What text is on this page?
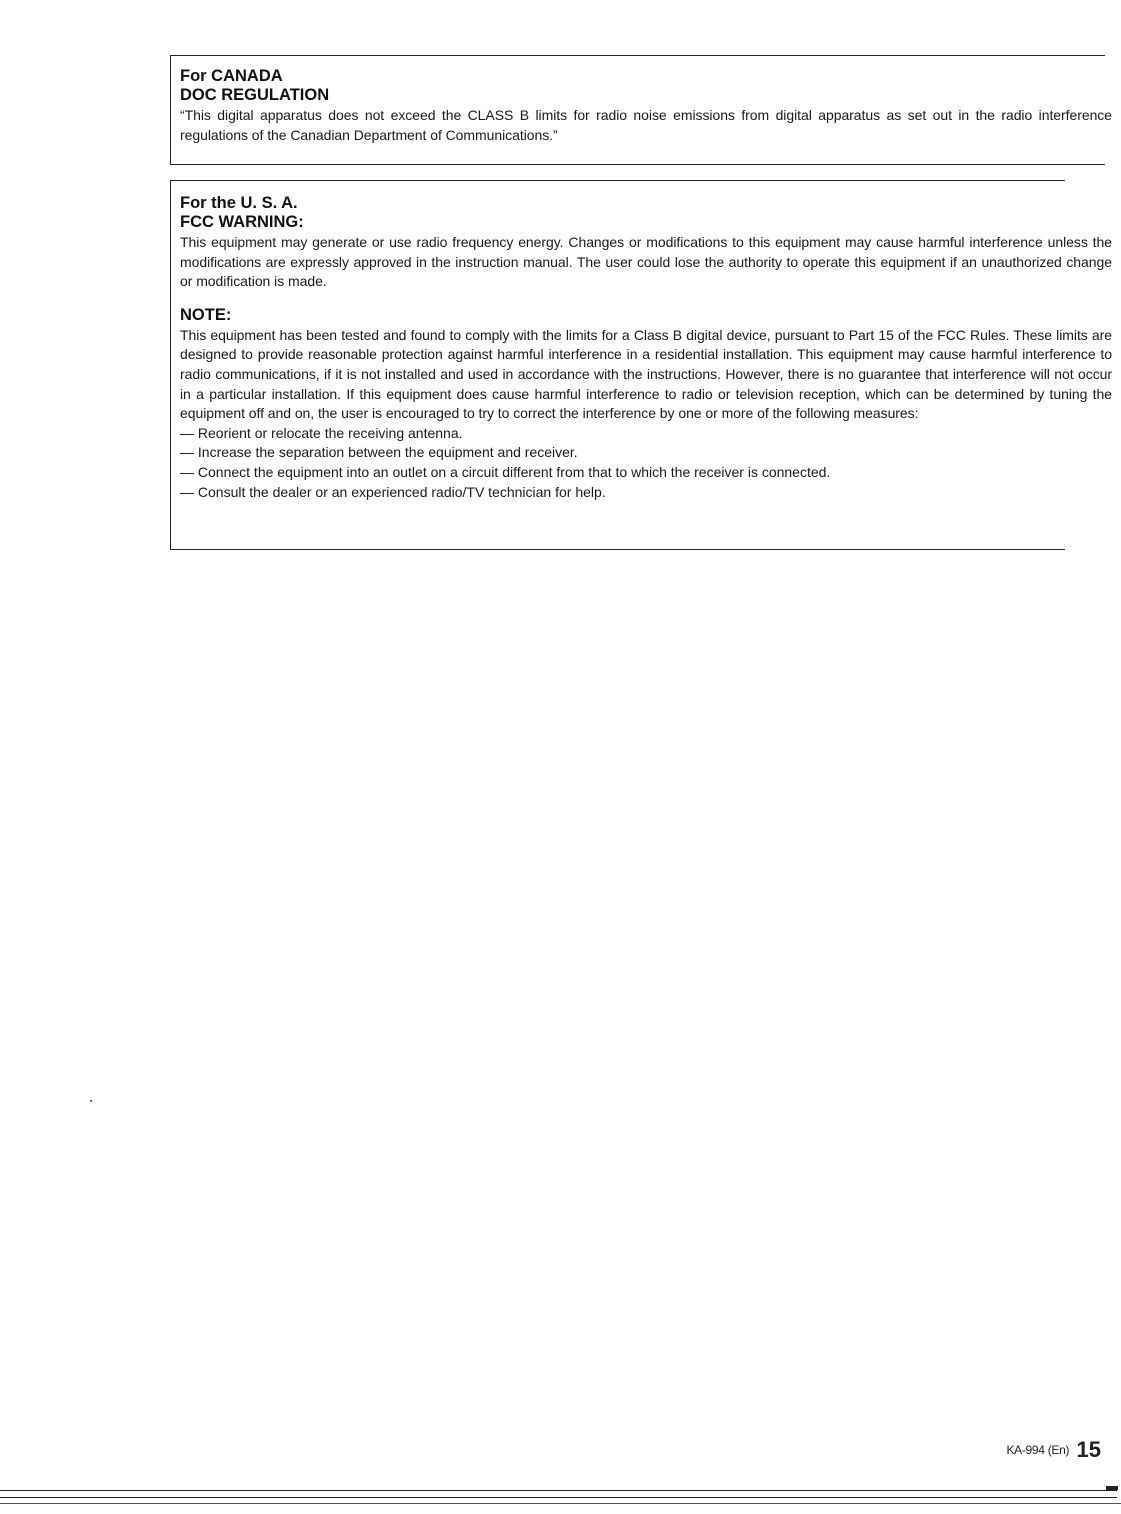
For CANADA
DOC REGULATION

“This digital apparatus does not exceed the CLASS B limits for radio noise emissions from digital apparatus as set out in the radio interference regulations of the Canadian Department of Communications.”

For the U. S. A.
FCC WARNING:

This equipment may generate or use radio frequency energy. Changes or modifications to this equipment may cause harmful interference unless the modifications are expressly approved in the instruction manual. The user could lose the authority to operate this equipment if an unauthorized change or modification is made.

NOTE:

This equipment has been tested and found to comply with the limits for a Class B digital device, pursuant to Part 15 of the FCC Rules. These limits are designed to provide reasonable protection against harmful interference in a residential installation. This equipment may cause harmful interference to radio communications, if it is not installed and used in accordance with the instructions. However, there is no guarantee that interference will not occur in a particular installation. If this equipment does cause harmful interference to radio or television reception, which can be determined by tuning the equipment off and on, the user is encouraged to try to correct the interference by one or more of the following measures:

— Reorient or relocate the receiving antenna.
— Increase the separation between the equipment and receiver.
— Connect the equipment into an outlet on a circuit different from that to which the receiver is connected.
— Consult the dealer or an experienced radio/TV technician for help.
KA-994 (En) 15
